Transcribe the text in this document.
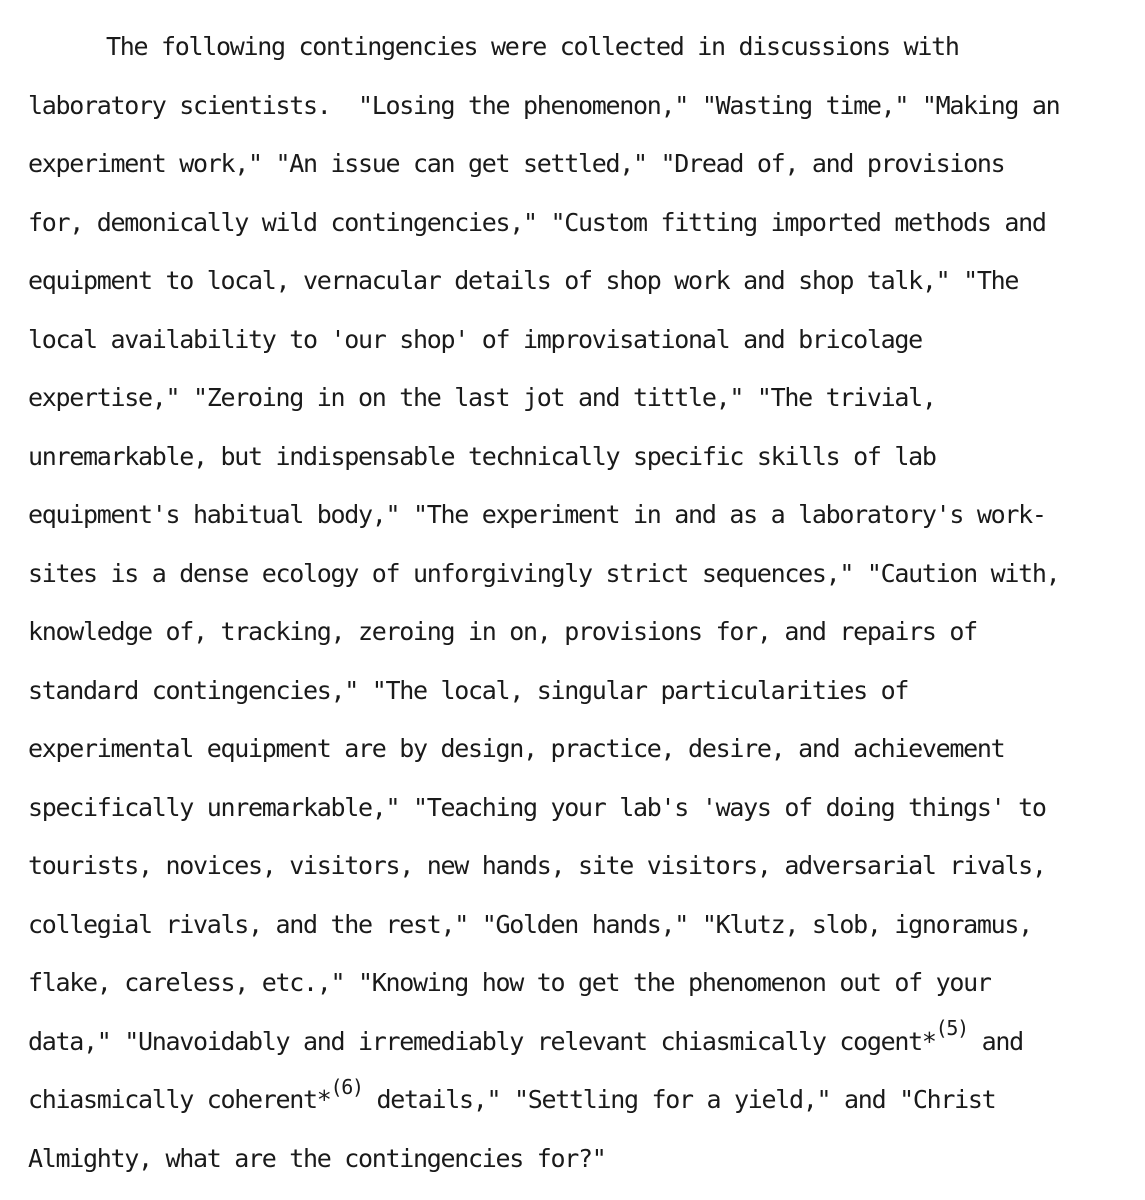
The following contingencies were collected in discussions with
laboratory scientists.  "Losing the phenomenon," "Wasting time," "Making an
experiment work," "An issue can get settled," "Dread of, and provisions
for, demonically wild contingencies," "Custom fitting imported methods and
equipment to local, vernacular details of shop work and shop talk," "The
local availability to 'our shop' of improvisational and bricolage
expertise," "Zeroing in on the last jot and tittle," "The trivial,
unremarkable, but indispensable technically specific skills of lab
equipment's habitual body," "The experiment in and as a laboratory's work-
sites is a dense ecology of unforgivingly strict sequences," "Caution with,
knowledge of, tracking, zeroing in on, provisions for, and repairs of
standard contingencies," "The local, singular particularities of
experimental equipment are by design, practice, desire, and achievement
specifically unremarkable," "Teaching your lab's 'ways of doing things' to
tourists, novices, visitors, new hands, site visitors, adversarial rivals,
collegial rivals, and the rest," "Golden hands," "Klutz, slob, ignoramus,
flake, careless, etc.," "Knowing how to get the phenomenon out of your
data," "Unavoidably and irremediably relevant chiasmically cogent*$^{(5)}$ and
chiasmically coherent*$^{(6)}$ details," "Settling for a yield," and "Christ
Almighty, what are the contingencies for?"
